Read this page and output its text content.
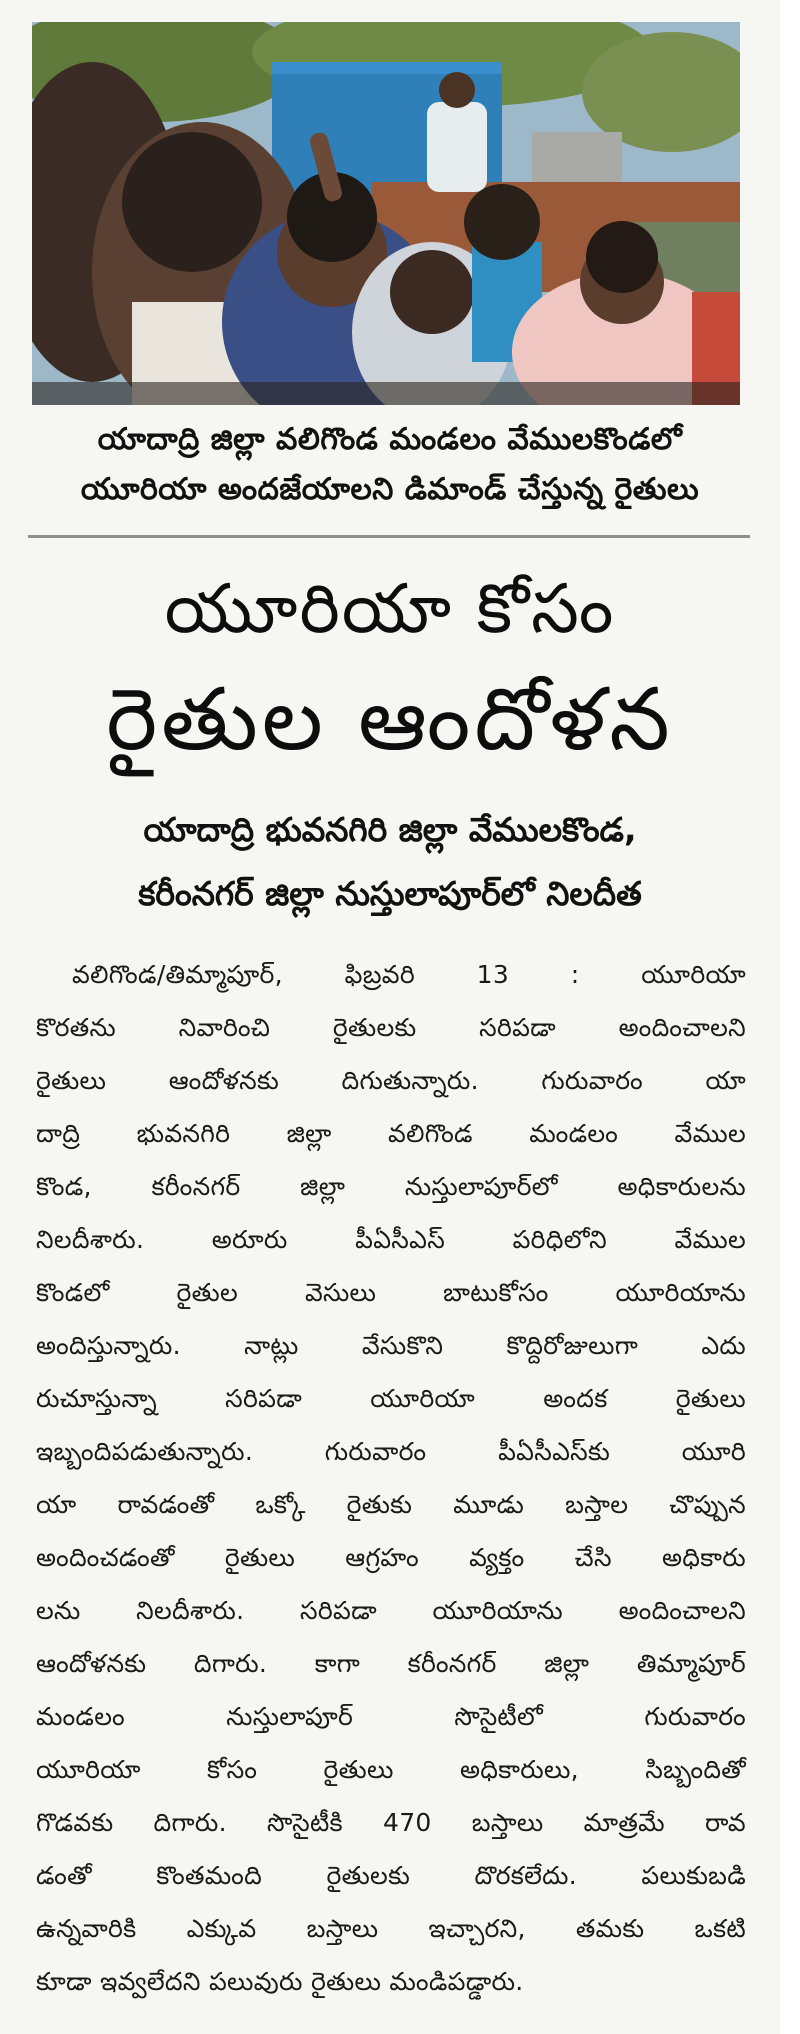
యాదాద్రి జిల్లా వలిగొండ మండలం వేములకొండలో
యూరియా అందజేయాలని డిమాండ్ చేస్తున్న రైతులు
యూరియా కోసం
రైతుల ఆందోళన
యాదాద్రి భువనగిరి జిల్లా వేములకొండ,
కరీంనగర్ జిల్లా నుస్తులాపూర్‌లో నిలదీత
వలిగొండ/తిమ్మాపూర్, ఫిబ్రవరి 13 : యూరియా
కొరతను నివారించి రైతులకు సరిపడా అందించాలని
రైతులు ఆందోళనకు దిగుతున్నారు. గురువారం యా
దాద్రి భువనగిరి జిల్లా వలిగొండ మండలం వేముల
కొండ, కరీంనగర్ జిల్లా నుస్తులాపూర్‌లో అధికారులను
నిలదీశారు. అరూరు పీఏసీఎస్ పరిధిలోని వేముల
కొండలో రైతుల వెసులు బాటుకోసం యూరియాను
అందిస్తున్నారు. నాట్లు వేసుకొని కొద్దిరోజులుగా ఎదు
రుచూస్తున్నా సరిపడా యూరియా అందక రైతులు
ఇబ్బందిపడుతున్నారు. గురువారం పీఏసీఎస్‌కు యూరి
యా రావడంతో ఒక్కో రైతుకు మూడు బస్తాల చొప్పున
అందించడంతో రైతులు ఆగ్రహం వ్యక్తం చేసి అధికారు
లను నిలదీశారు. సరిపడా యూరియాను అందించాలని
ఆందోళనకు దిగారు. కాగా కరీంనగర్ జిల్లా తిమ్మాపూర్
మండలం నుస్తులాపూర్ సొసైటీలో గురువారం
యూరియా కోసం రైతులు అధికారులు, సిబ్బందితో
గొడవకు దిగారు. సొసైటీకి 470 బస్తాలు మాత్రమే రావ
డంతో కొంతమంది రైతులకు దొరకలేదు. పలుకుబడి
ఉన్నవారికి ఎక్కువ బస్తాలు ఇచ్చారని, తమకు ఒకటి
కూడా ఇవ్వలేదని పలువురు రైతులు మండిపడ్డారు.
